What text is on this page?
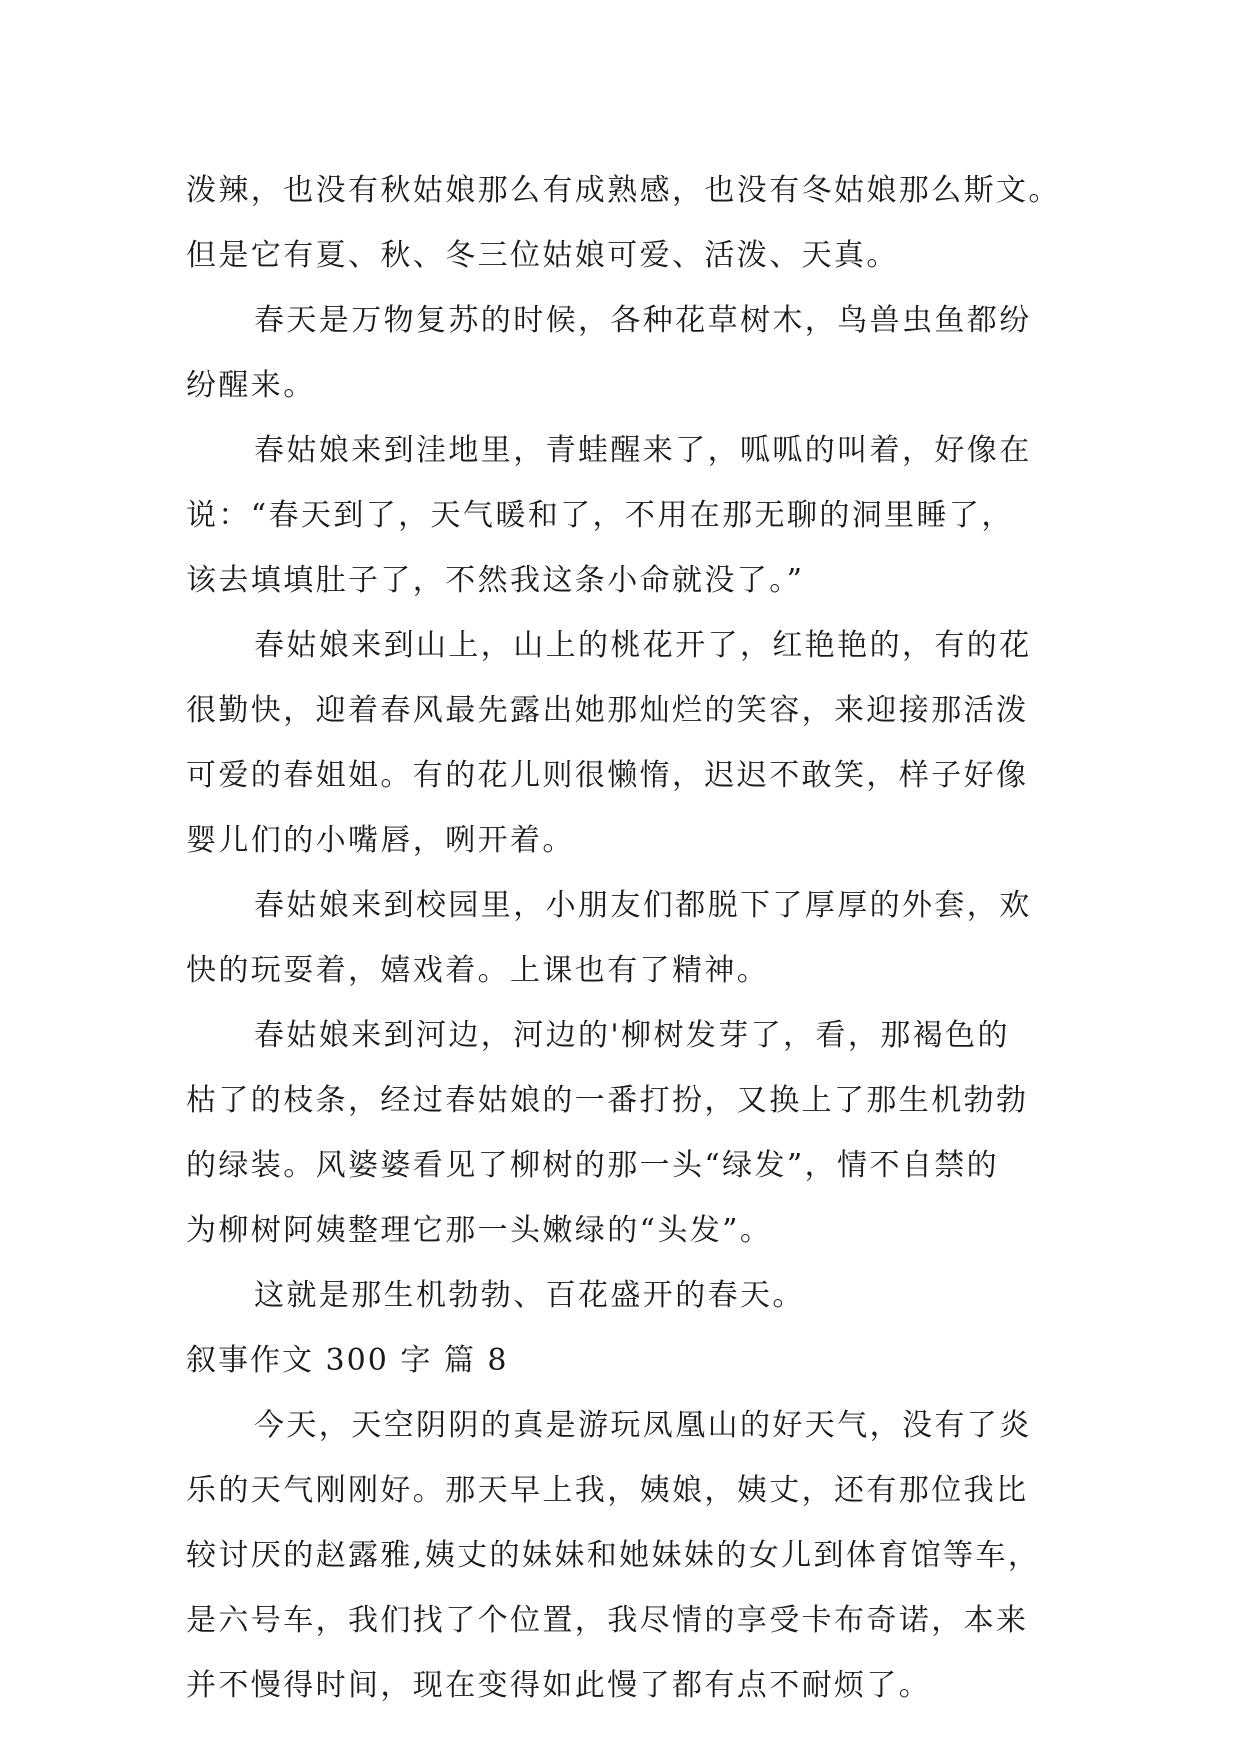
泼辣，也没有秋姑娘那么有成熟感，也没有冬姑娘那么斯文。
但是它有夏、秋、冬三位姑娘可爱、活泼、天真。
春天是万物复苏的时候，各种花草树木，鸟兽虫鱼都纷
纷醒来。
春姑娘来到洼地里，青蛙醒来了，呱呱的叫着，好像在
说：“春天到了，天气暖和了，不用在那无聊的洞里睡了，
该去填填肚子了，不然我这条小命就没了。”
春姑娘来到山上，山上的桃花开了，红艳艳的，有的花
很勤快，迎着春风最先露出她那灿烂的笑容，来迎接那活泼
可爱的春姐姐。有的花儿则很懒惰，迟迟不敢笑，样子好像
婴儿们的小嘴唇，咧开着。
春姑娘来到校园里，小朋友们都脱下了厚厚的外套，欢
快的玩耍着，嬉戏着。上课也有了精神。
春姑娘来到河边，河边的'柳树发芽了，看，那褐色的
枯了的枝条，经过春姑娘的一番打扮，又换上了那生机勃勃
的绿装。风婆婆看见了柳树的那一头“绿发”，情不自禁的
为柳树阿姨整理它那一头嫩绿的“头发”。
这就是那生机勃勃、百花盛开的春天。
叙事作文 300 字 篇 8
今天，天空阴阴的真是游玩凤凰山的好天气，没有了炎
乐的天气刚刚好。那天早上我，姨娘，姨丈，还有那位我比
较讨厌的赵露雅,姨丈的妹妹和她妹妹的女儿到体育馆等车，
是六号车，我们找了个位置，我尽情的享受卡布奇诺，本来
并不慢得时间，现在变得如此慢了都有点不耐烦了。
